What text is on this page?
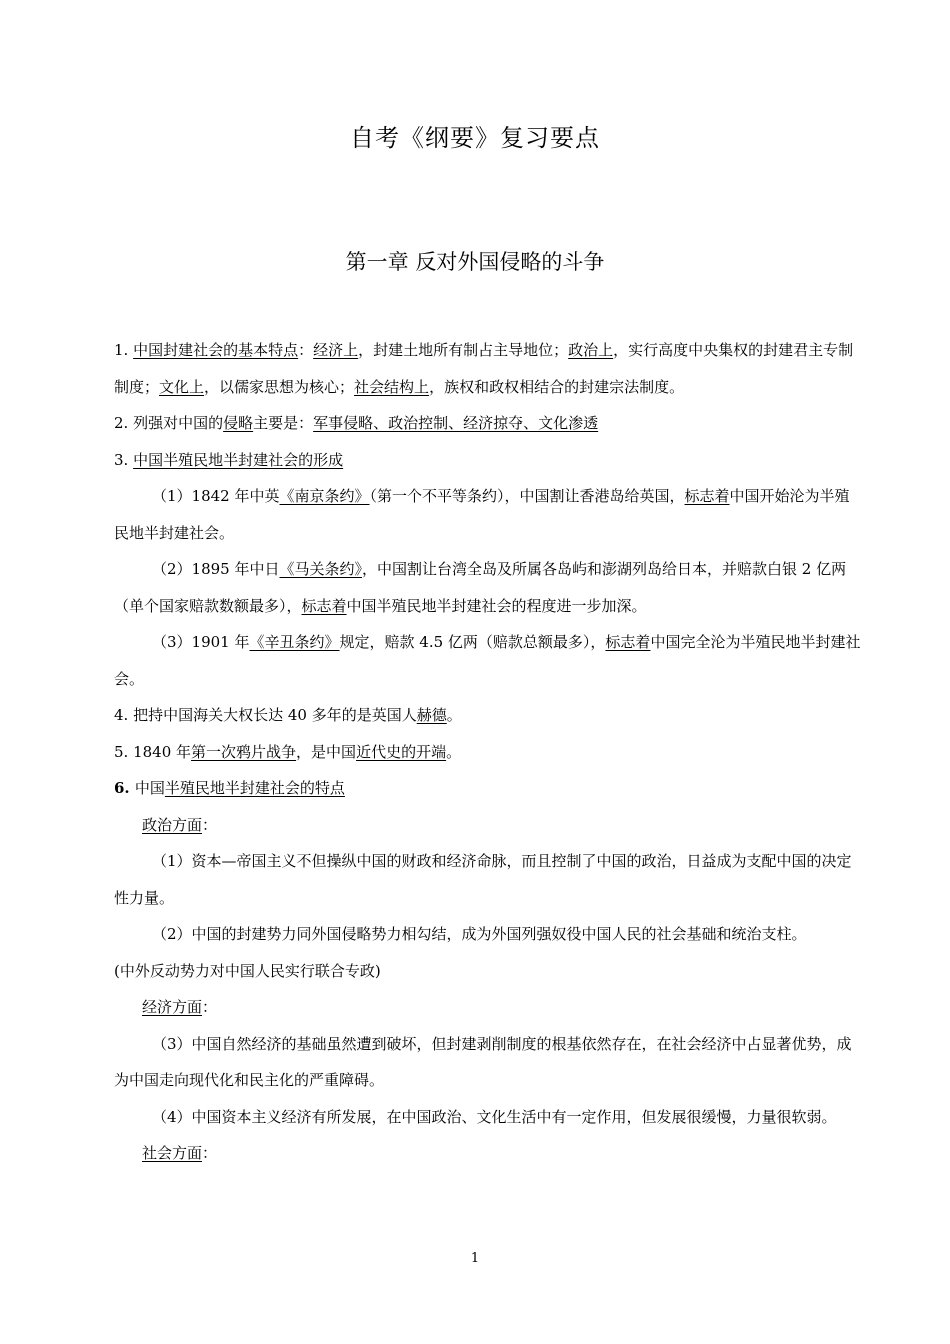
自考《纲要》复习要点
第一章 反对外国侵略的斗争

1. 中国封建社会的基本特点：经济上，封建土地所有制占主导地位；政治上，实行高度中央集权的封建君主专制制度；文化上，以儒家思想为核心；社会结构上，族权和政权相结合的封建宗法制度。

2. 列强对中国的侵略主要是：军事侵略、政治控制、经济掠夺、文化渗透

3. 中国半殖民地半封建社会的形成

（1）1842 年中英《南京条约》（第一个不平等条约），中国割让香港岛给英国，标志着中国开始沦为半殖民地半封建社会。

（2）1895 年中日《马关条约》，中国割让台湾全岛及所属各岛屿和澎湖列岛给日本，并赔款白银 2 亿两（单个国家赔款数额最多），标志着中国半殖民地半封建社会的程度进一步加深。

（3）1901 年《辛丑条约》规定，赔款 4.5 亿两（赔款总额最多），标志着中国完全沦为半殖民地半封建社会。

4. 把持中国海关大权长达 40 多年的是英国人赫德。

5. 1840 年第一次鸦片战争，是中国近代史的开端。

6. 中国半殖民地半封建社会的特点

政治方面：

（1）资本—帝国主义不但操纵中国的财政和经济命脉，而且控制了中国的政治，日益成为支配中国的决定性力量。

（2）中国的封建势力同外国侵略势力相勾结，成为外国列强奴役中国人民的社会基础和统治支柱。

(中外反动势力对中国人民实行联合专政)

经济方面：

（3）中国自然经济的基础虽然遭到破坏，但封建剥削制度的根基依然存在，在社会经济中占显著优势，成为中国走向现代化和民主化的严重障碍。

（4）中国资本主义经济有所发展，在中国政治、文化生活中有一定作用，但发展很缓慢，力量很软弱。

社会方面：

1
